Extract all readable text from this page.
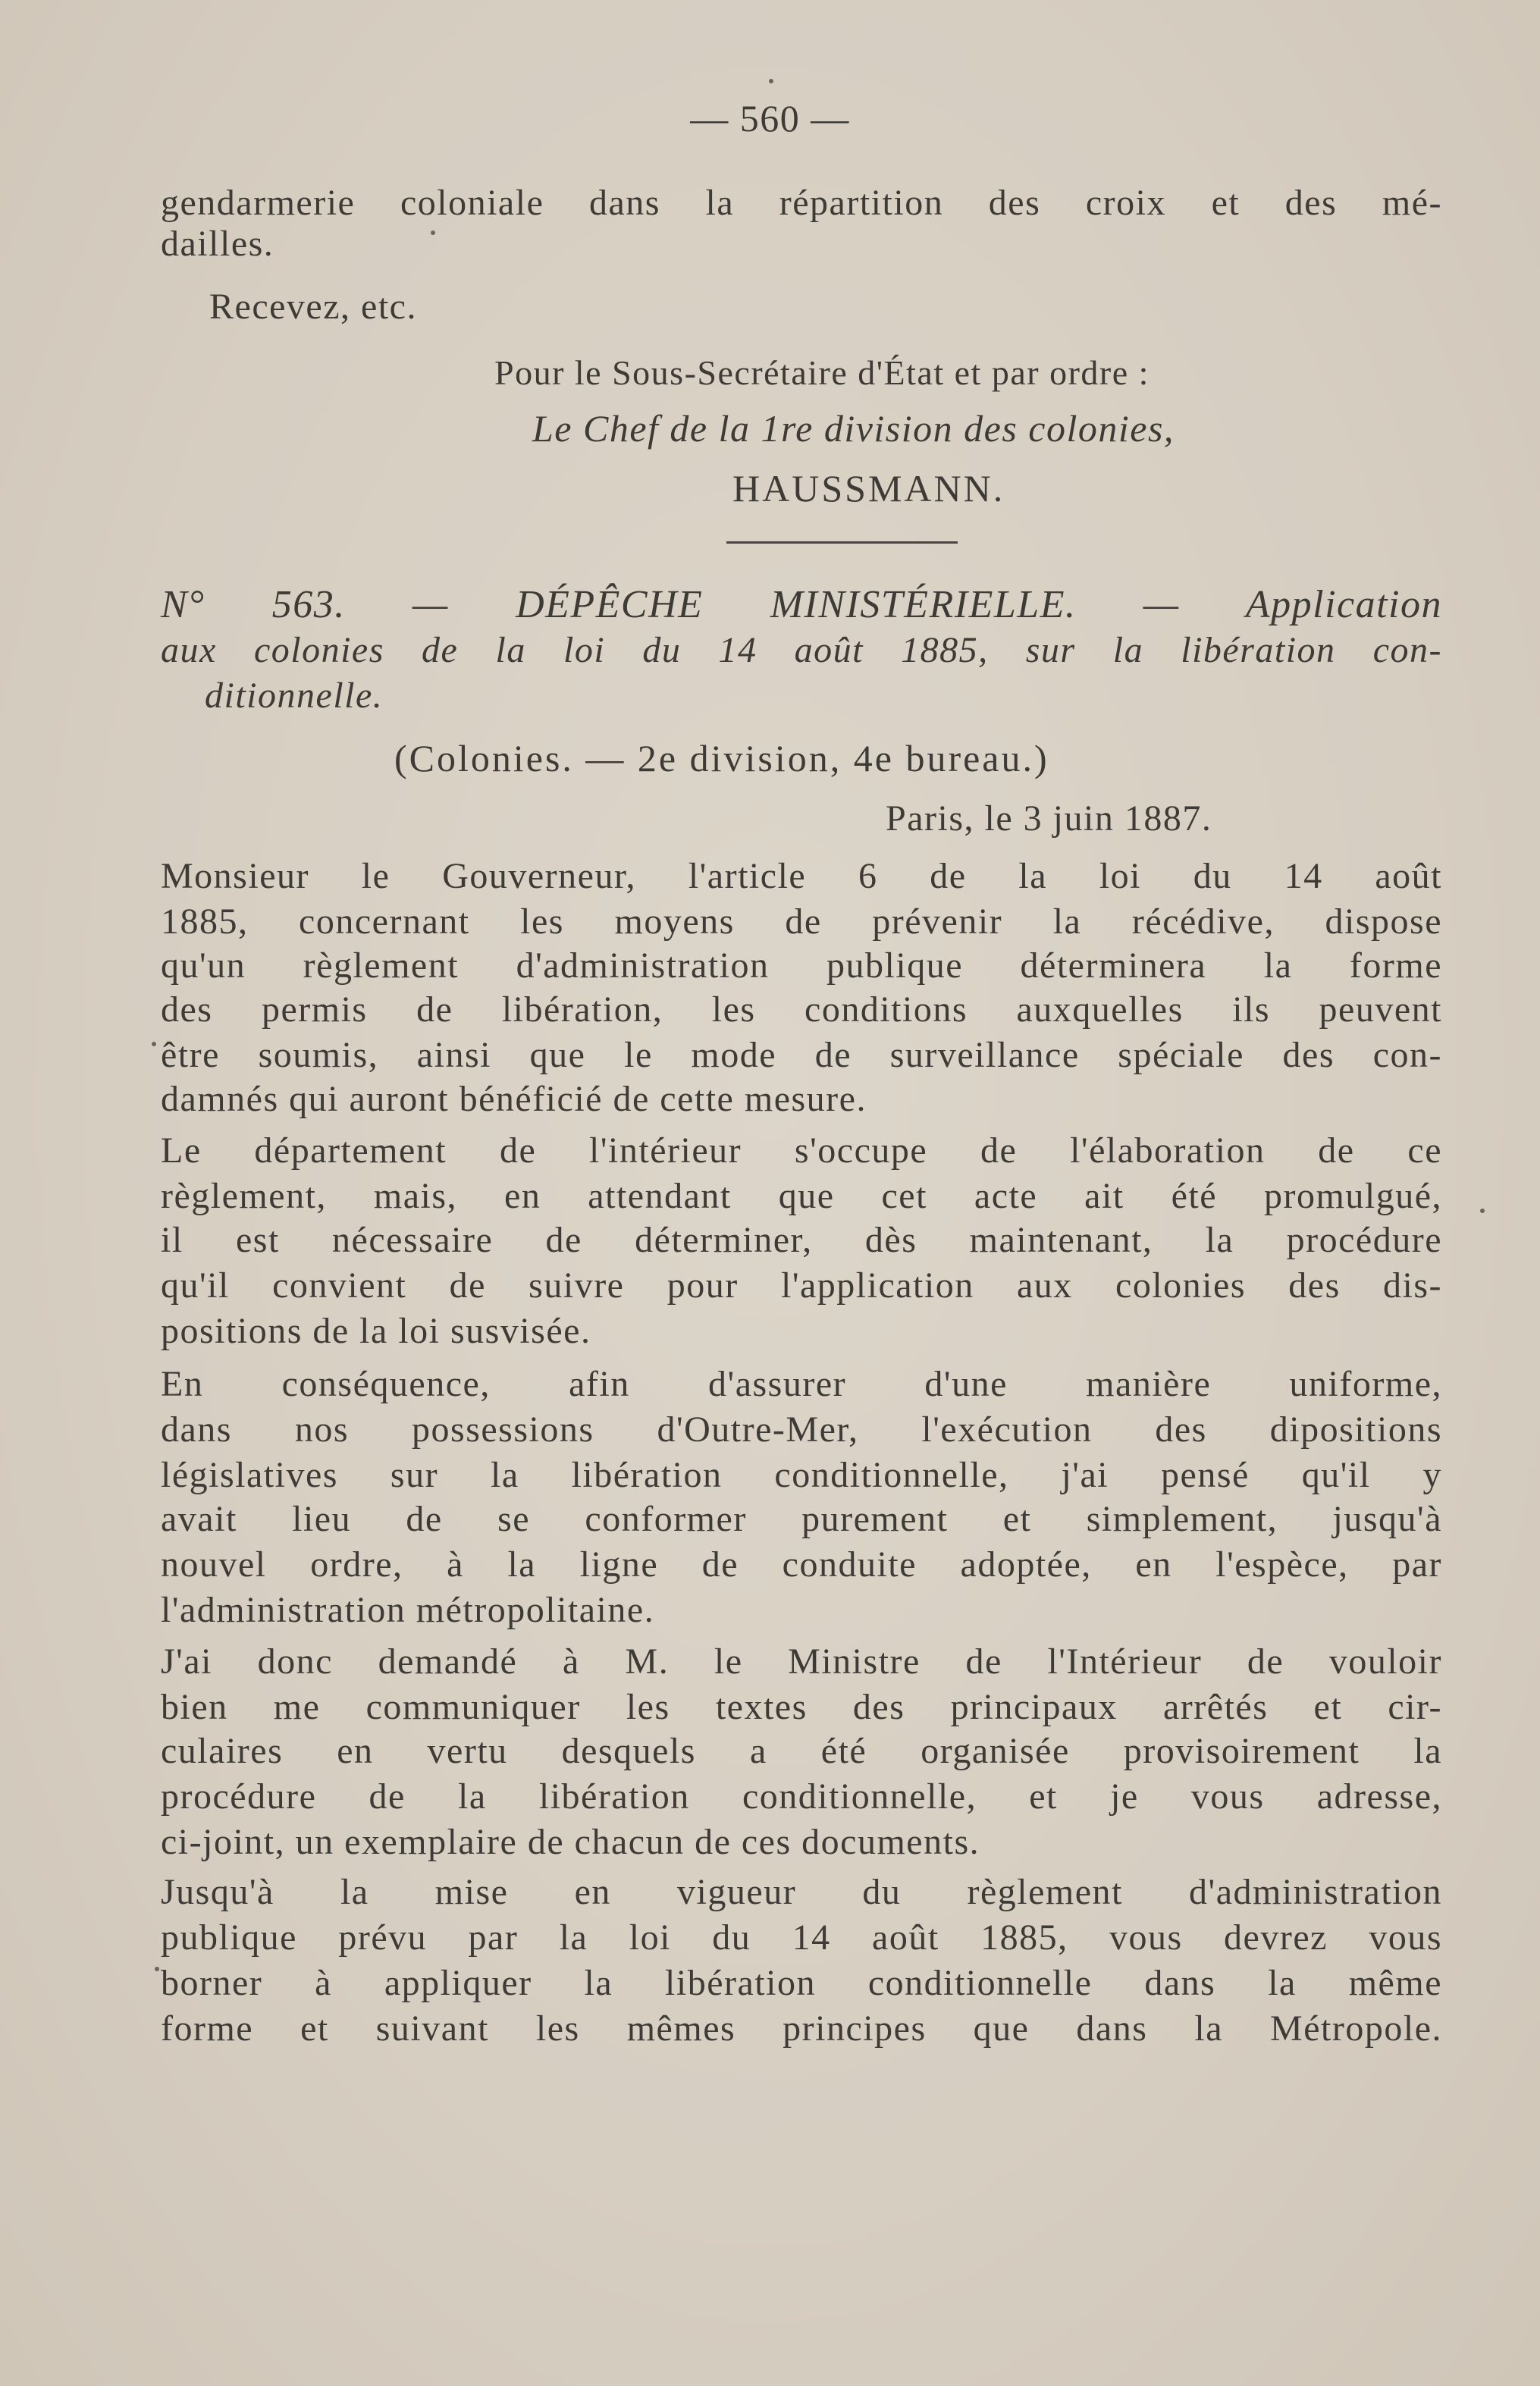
— 560 —
gendarmerie coloniale dans la répartition des croix et des mé-
dailles.
Recevez, etc.
Pour le Sous-Secrétaire d'État et par ordre :
Le Chef de la 1re division des colonies,
HAUSSMANN.
N° 563. — DÉPÊCHE MINISTÉRIELLE. — Application
aux colonies de la loi du 14 août 1885, sur la libération con-
ditionnelle.
(Colonies. — 2e division, 4e bureau.)
Paris, le 3 juin 1887.
Monsieur le Gouverneur, l'article 6 de la loi du 14 août
1885, concernant les moyens de prévenir la récédive, dispose
qu'un règlement d'administration publique déterminera la forme
des permis de libération, les conditions auxquelles ils peuvent
être soumis, ainsi que le mode de surveillance spéciale des con-
damnés qui auront bénéficié de cette mesure.
Le département de l'intérieur s'occupe de l'élaboration de ce
règlement, mais, en attendant que cet acte ait été promulgué,
il est nécessaire de déterminer, dès maintenant, la procédure
qu'il convient de suivre pour l'application aux colonies des dis-
positions de la loi susvisée.
En conséquence, afin d'assurer d'une manière uniforme,
dans nos possessions d'Outre-Mer, l'exécution des dipositions
législatives sur la libération conditionnelle, j'ai pensé qu'il y
avait lieu de se conformer purement et simplement, jusqu'à
nouvel ordre, à la ligne de conduite adoptée, en l'espèce, par
l'administration métropolitaine.
J'ai donc demandé à M. le Ministre de l'Intérieur de vouloir
bien me communiquer les textes des principaux arrêtés et cir-
culaires en vertu desquels a été organisée provisoirement la
procédure de la libération conditionnelle, et je vous adresse,
ci-joint, un exemplaire de chacun de ces documents.
Jusqu'à la mise en vigueur du règlement d'administration
publique prévu par la loi du 14 août 1885, vous devrez vous
borner à appliquer la libération conditionnelle dans la même
forme et suivant les mêmes principes que dans la Métropole.
